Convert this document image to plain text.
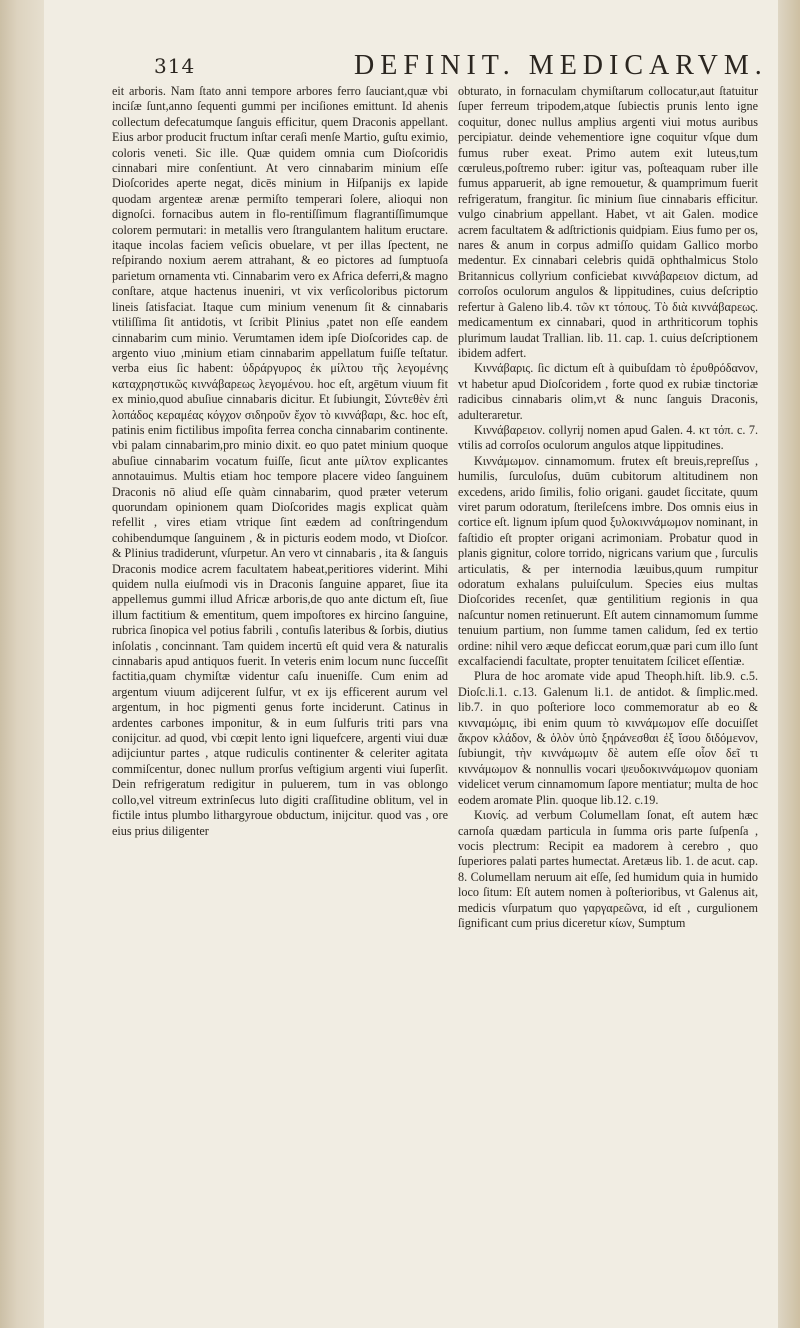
314	DEFINIT. MEDICARVM.

eit arboris. Nam ſtato anni tempore arbores ferro ſauciant,quæ vbi inciſæ ſunt,anno ſequenti gummi per inciſiones emittunt. Id ahenis collectum defecatumque ſanguis efficitur, quem Draconis appellant. Eius arbor producit fructum inſtar ceraſi menſe Martio, guſtu eximio, coloris veneti. Sic ille. Quæ quidem omnia cum Dioſcoridis cinnabari mire conſentiunt. At vero cinnabarim minium eſſe Dioſcorides aperte negat, dicēs minium in Hiſpanijs ex lapide quodam argenteæ arenæ permiſto temperari ſolere, alioqui non dignoſci. fornacibus autem in flo-rentiſſimum flagrantiſſimumque colorem permutari: in metallis vero ſtrangulantem halitum eructare. itaque incolas faciem veſicis obuelare, vt per illas ſpectent, ne reſpirando noxium aerem attrahant, & eo pictores ad ſumptuoſa parietum ornamenta vti. Cinnabarim vero ex Africa deferri,& magno conſtare, atque hactenus inueniri, vt vix verſicoloribus pictorum lineis ſatisfaciat. Itaque cum minium venenum ſit & cinnabaris vtiliſſima ſit antidotis, vt ſcribit Plinius ,patet non eſſe eandem cinnabarim cum minio. Verumtamen idem ipſe Dioſcorides cap. de argento viuo ,minium etiam cinnabarim appellatum fuiſſe teſtatur. verba eius ſic habent: ὑδράργυρος ἐκ μίλτου τῆς λεγομένης καταχρηστικῶς κιννάβαρεως λεγομένου. hoc eſt, argētum viuum fit ex minio,quod abuſiue cinnabaris dicitur. Et ſubiungit, Σύντεθὲν ἐπὶ λοπάδος κεραμέας κόγχον σιδηροῦν ἔχον τὸ κιννάβαρι, &c. hoc eſt, patinis enim fictilibus impoſita ferrea concha cinnabarim continente. vbi palam cinnabarim,pro minio dixit. eo quo patet minium quoque abuſiue cinnabarim vocatum fuiſſe, ſicut ante μίλτον explicantes annotauimus. Multis etiam hoc tempore placere video ſanguinem Draconis nō aliud eſſe quàm cinnabarim, quod præter veterum quorundam opinionem quam Dioſcorides magis explicat quàm refellit , vires etiam vtrique ſint eædem ad conſtringendum cohibendumque ſanguinem , & in picturis eodem modo, vt Dioſcor. & Plinius tradiderunt, vſurpetur. An vero vt cinnabaris , ita & ſanguis Draconis modice acrem facultatem habeat,peritiores viderint. Mihi quidem nulla eiuſmodi vis in Draconis ſanguine apparet, ſiue ita appellemus gummi illud Africæ arboris,de quo ante dictum eſt, ſiue illum factitium & ementitum, quem impoſtores ex hircino ſanguine, rubrica ſinopica vel potius fabrili , contuſis lateribus & ſorbis, diutius inſolatis , concinnant. Tam quidem incertū eſt quid vera & naturalis cinnabaris apud antiquos fuerit. In veteris enim locum nunc ſucceſſit factitia,quam chymiſtæ videntur caſu inueniſſe. Cum enim ad argentum viuum adijcerent ſulfur, vt ex ijs efficerent aurum vel argentum, in hoc pigmenti genus forte inciderunt. Catinus in ardentes carbones imponitur, & in eum ſulfuris triti pars vna conijcitur. ad quod, vbi cœpit lento igni liquefcere, argenti viui duæ adijciuntur partes , atque rudiculis continenter & celeriter agitata commiſcentur, donec nullum prorſus veſtigium argenti viui ſuperſit. Dein refrigeratum redigitur in puluerem, tum in vas oblongo collo,vel vitreum extrinſecus luto digiti craſſitudine oblitum, vel in fictile intus plumbo lithargyroue obductum, inijcitur. quod vas , ore eius prius diligenter

obturato, in fornaculam chymiſtarum collocatur,aut ſtatuitur ſuper ferreum tripodem,atque ſubiectis prunis lento igne coquitur, donec nullus amplius argenti viui motus auribus percipiatur. deinde vehementiore igne coquitur vſque dum fumus ruber exeat. Primo autem exit luteus,tum cœruleus,poſtremo ruber: igitur vas, poſteaquam ruber ille fumus apparuerit, ab igne remouetur, & quamprimum fuerit refrigeratum, frangitur. ſic minium ſiue cinnabaris efficitur. vulgo cinabrium appellant. Habet, vt ait Galen. modice acrem facultatem & adſtrictionis quidpiam. Eius fumo per os, nares & anum in corpus admiſſo quidam Gallico morbo medentur. Ex cinnabari celebris quidā ophthalmicus Stolo Britannicus collyrium conficiebat κιννάβαρειον dictum, ad corroſos oculorum angulos & lippitudines, cuius deſcriptio refertur à Galeno lib.4. τῶν κτ τόπους. Τὸ διὰ κιννάβαρεως. medicamentum ex cinnabari, quod in arthriticorum tophis plurimum laudat Trallian. lib. 11. cap. 1. cuius deſcriptionem ibidem adfert.

Κιννάβαρις. ſic dictum eſt à quibuſdam τὸ ἐρυθρόδανον, vt habetur apud Dioſcoridem , forte quod ex rubiæ tinctoriæ radicibus cinnabaris olim,vt & nunc ſanguis Draconis, adulteraretur.

Κιννάβαρειον. collyrij nomen apud Galen. 4. κτ τόπ. c. 7. vtilis ad corroſos oculorum angulos atque lippitudines.

Κιννάμωμον. cinnamomum. frutex eſt breuis,repreſſus , humilis, ſurculoſus, duūm cubitorum altitudinem non excedens, arido ſimilis, folio origani. gaudet ſiccitate, quum viret parum odoratum, ſterileſcens imbre. Dos omnis eius in cortice eſt. lignum ipſum quod ξυλοκιννάμωμον nominant, in faſtidio eſt propter origani acrimoniam. Probatur quod in planis gignitur, colore torrido, nigricans varium que , ſurculis articulatis, & per internodia læuibus,quum rumpitur odoratum exhalans puluiſculum. Species eius multas Dioſcorides recenſet, quæ gentilitium regionis in qua naſcuntur nomen retinuerunt. Eſt autem cinnamomum ſumme tenuium partium, non ſumme tamen calidum, ſed ex tertio ordine: nihil vero æque deficcat eorum,quæ pari cum illo ſunt excalfaciendi facultate, propter tenuitatem ſcilicet eſſentiæ.

Plura de hoc aromate vide apud Theoph.hiſt. lib.9. c.5. Dioſc.li.1. c.13. Galenum li.1. de antidot. & ſimplic.med. lib.7. in quo poſteriore loco commemoratur ab eo & κινναμώμις, ibi enim quum τὸ κιννάμωμον eſſe docuiſſet ἄκρον κλάδον, & ὁλὸν ὑπὸ ξηράνεσθαι ἐξ ἴσου διδόμενον, ſubiungit, τὴν κιννάμωμιν δὲ autem eſſe οἷον δεῖ τι κιννάμωμον & nonnullis vocari ψευδοκιννάμωμον quoniam videlicet verum cinnamomum ſapore mentiatur; multa de hoc eodem aromate Plin. quoque lib.12. c.19.

Κιονίς. ad verbum Columellam ſonat, eſt autem hæc carnoſa quædam particula in ſumma oris parte ſuſpenſa , vocis plectrum: Recipit ea madorem à cerebro , quo ſuperiores palati partes humectat. Aretæus lib. 1. de acut. cap. 8. Columellam neruum ait eſſe, ſed humidum quia in humido loco ſitum: Eſt autem nomen à poſterioribus, vt Galenus ait, medicis vſurpatum quo γαργαρεῶνα, id eſt , curgulionem ſignificant cum prius diceretur κίων, Sumptum
